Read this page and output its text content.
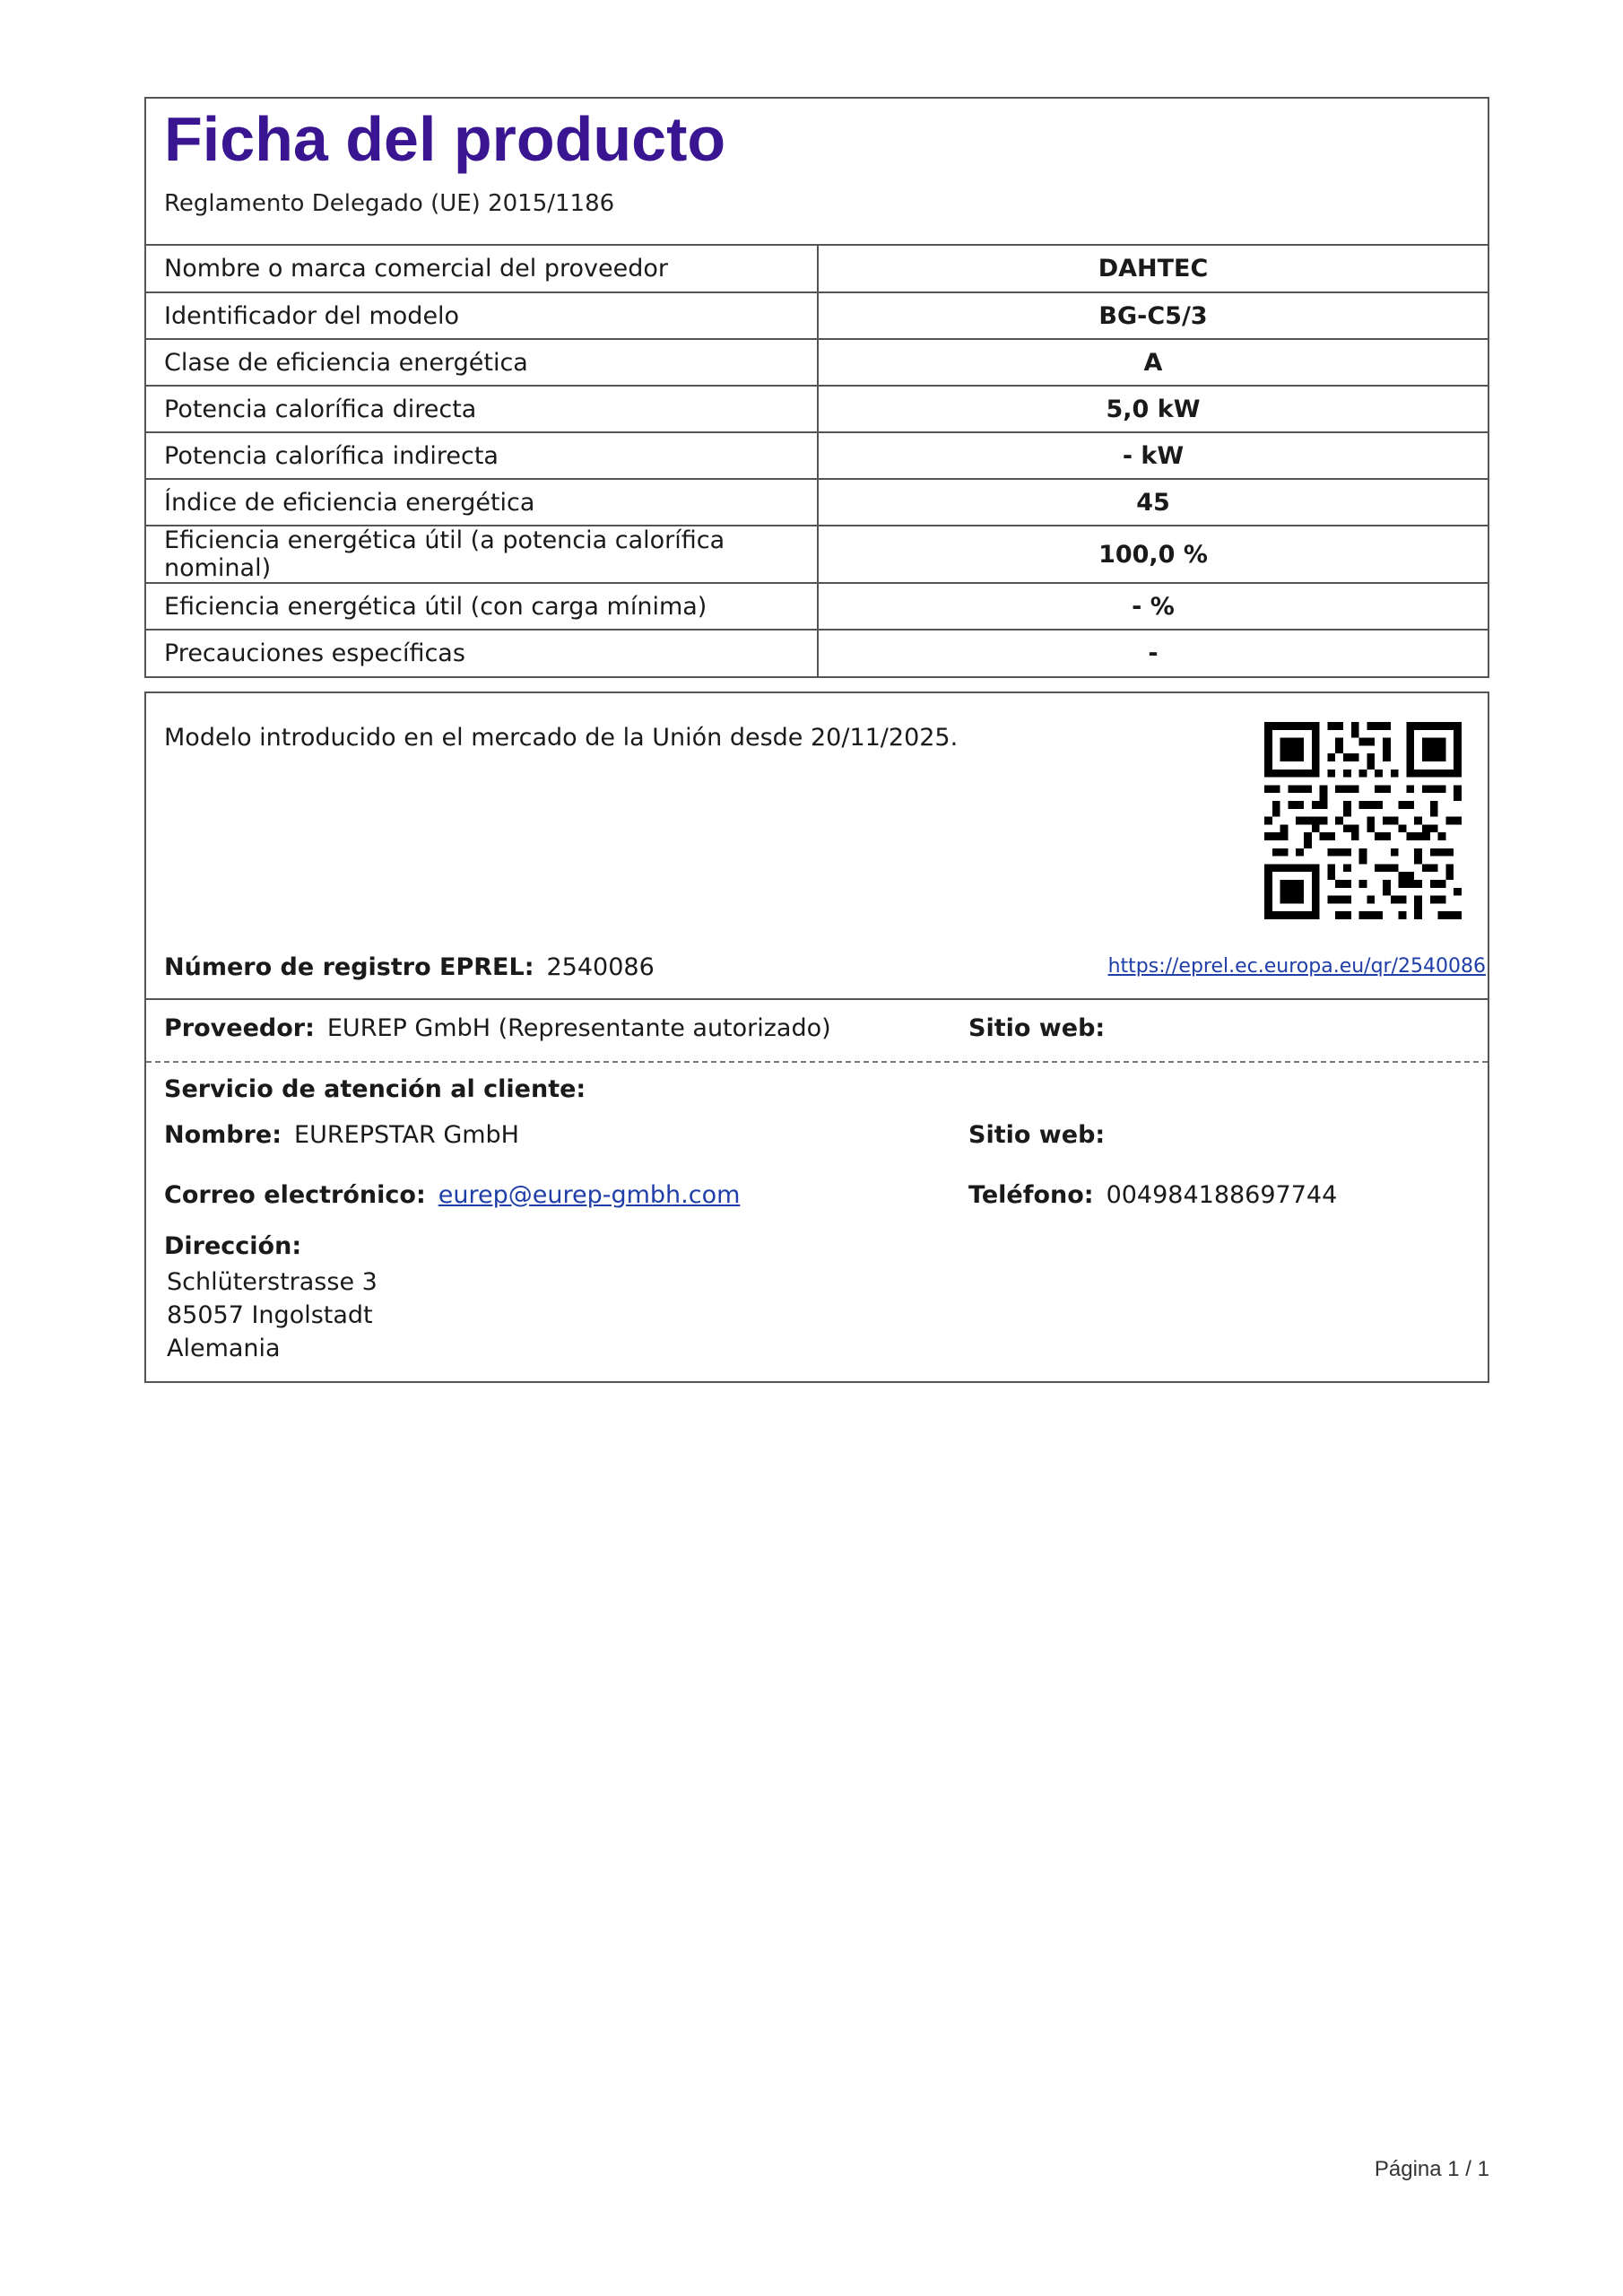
Ficha del producto
Reglamento Delegado (UE) 2015/1186
Nombre o marca comercial del proveedor	DAHTEC
Identificador del modelo	BG-C5/3
Clase de eficiencia energética	A
Potencia calorífica directa	5,0 kW
Potencia calorífica indirecta	- kW
Índice de eficiencia energética	45
Eficiencia energética útil (a potencia calorífica nominal)	100,0 %
Eficiencia energética útil (con carga mínima)	- %
Precauciones específicas	-
Modelo introducido en el mercado de la Unión desde 20/11/2025.
Número de registro EPREL: 2540086	https://eprel.ec.europa.eu/qr/2540086
Proveedor: EUREP GmbH (Representante autorizado)	Sitio web:
Servicio de atención al cliente:
Nombre: EUREPSTAR GmbH	Sitio web:
Correo electrónico: eurep@eurep-gmbh.com	Teléfono: 004984188697744
Dirección:
Schlüterstrasse 3
85057 Ingolstadt
Alemania
Página 1 / 1
